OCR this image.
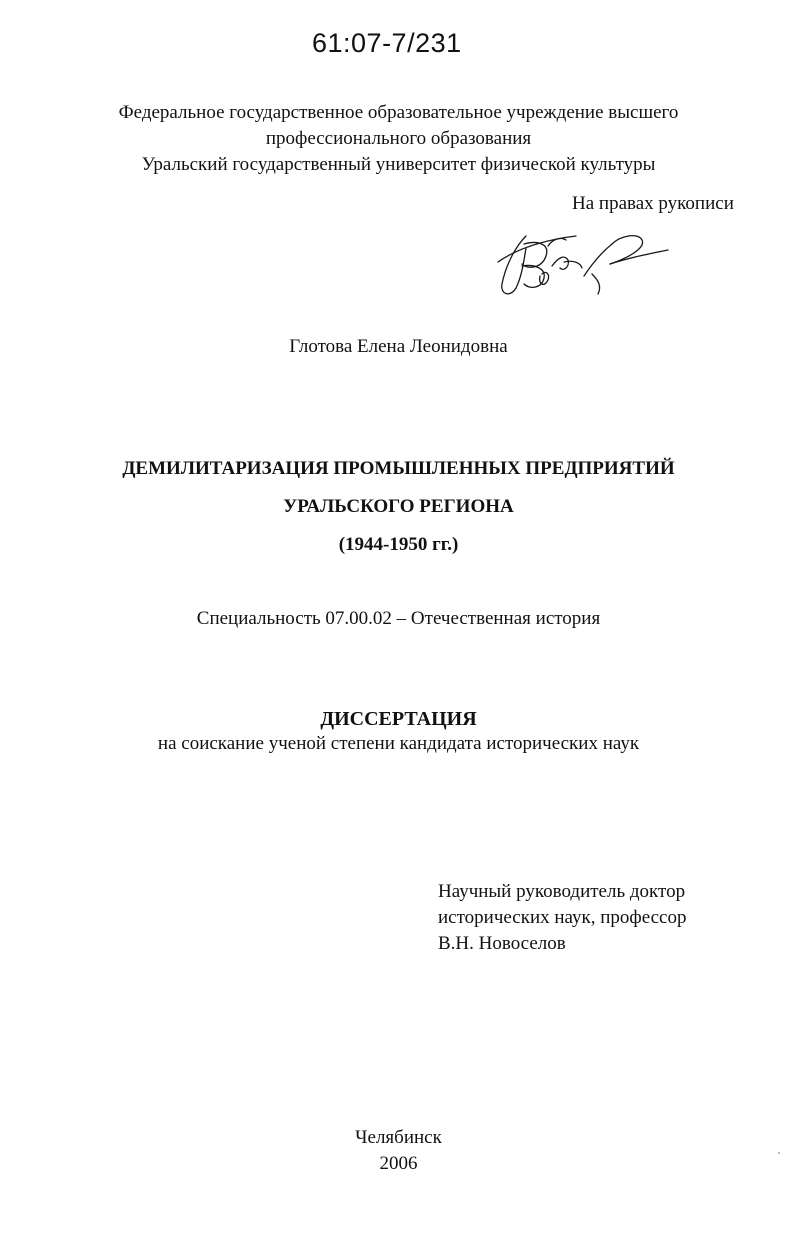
61:07-7/231
Федеральное государственное образовательное учреждение высшего
профессионального образования
Уральский государственный университет физической культуры
На правах рукописи
Глотова Елена Леонидовна
ДЕМИЛИТАРИЗАЦИЯ ПРОМЫШЛЕННЫХ ПРЕДПРИЯТИЙ
УРАЛЬСКОГО РЕГИОНА
(1944-1950 гг.)
Специальность 07.00.02 – Отечественная история
ДИССЕРТАЦИЯ
на соискание ученой степени кандидата исторических наук
Научный руководитель доктор
исторических наук, профессор
В.Н. Новоселов
Челябинск
2006
